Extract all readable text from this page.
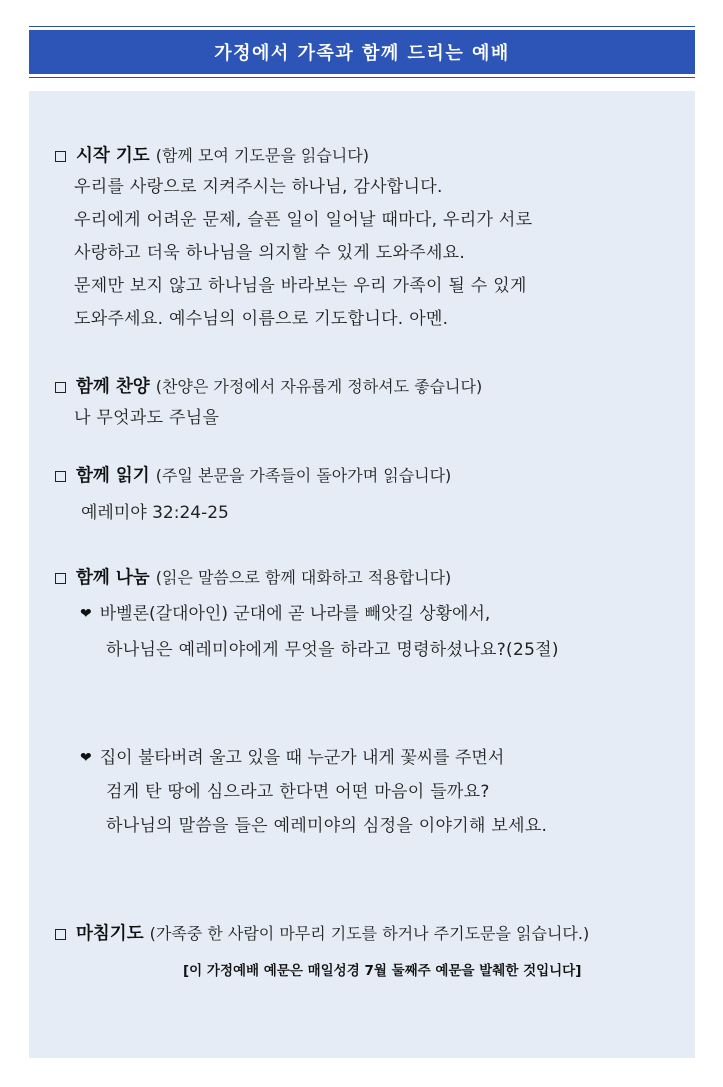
가정에서 가족과 함께 드리는 예배
시작 기도 (함께 모여 기도문을 읽습니다)
우리를 사랑으로 지켜주시는 하나님, 감사합니다.
우리에게 어려운 문제, 슬픈 일이 일어날 때마다, 우리가 서로
사랑하고 더욱 하나님을 의지할 수 있게 도와주세요.
문제만 보지 않고 하나님을 바라보는 우리 가족이 될 수 있게
도와주세요. 예수님의 이름으로 기도합니다. 아멘.
함께 찬양 (찬양은 가정에서 자유롭게 정하셔도 좋습니다)
나 무엇과도 주님을
함께 읽기 (주일 본문을 가족들이 돌아가며 읽습니다)
예레미야 32:24-25
함께 나눔 (읽은 말씀으로 함께 대화하고 적용합니다)
❤ 바벨론(갈대아인) 군대에 곧 나라를 빼앗길 상황에서,
하나님은 예레미야에게 무엇을 하라고 명령하셨나요?(25절)
❤ 집이 불타버려 울고 있을 때 누군가 내게 꽃씨를 주면서
검게 탄 땅에 심으라고 한다면 어떤 마음이 들까요?
하나님의 말씀을 들은 예레미야의 심정을 이야기해 보세요.
마침기도 (가족중 한 사람이 마무리 기도를 하거나 주기도문을 읽습니다.)
[이 가정예배 예문은 매일성경 7월 둘째주 예문을 발췌한 것입니다]
